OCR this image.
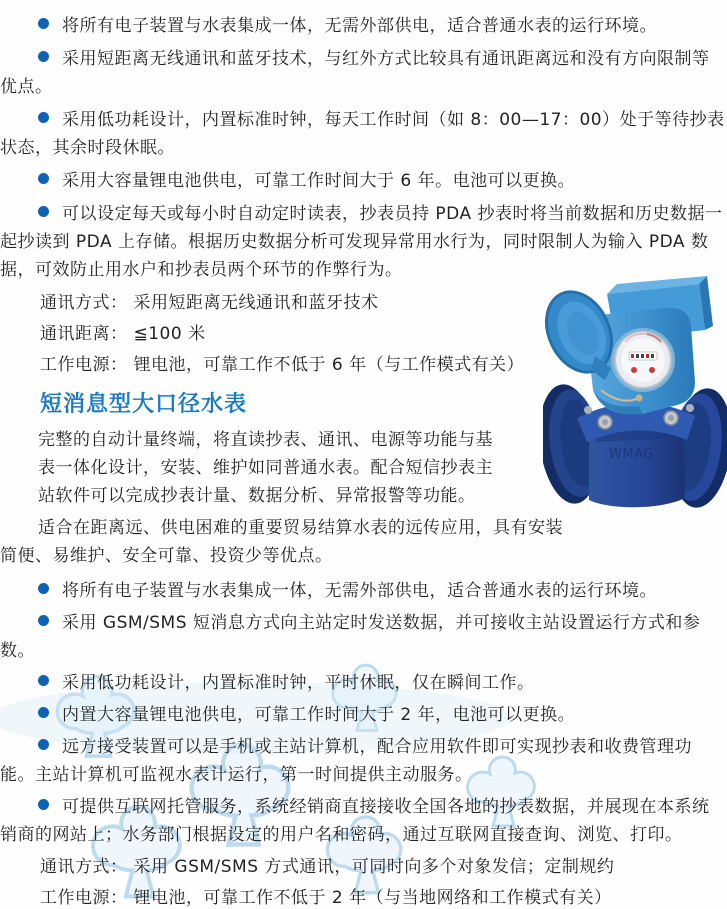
WMAG

将所有电子装置与水表集成一体，无需外部供电，适合普通水表的运行环境。

采用短距离无线通讯和蓝牙技术，与红外方式比较具有通讯距离远和没有方向限制等优点。

采用低功耗设计，内置标准时钟，每天工作时间（如 8：00—17：00）处于等待抄表状态，其余时段休眠。

采用大容量锂电池供电，可靠工作时间大于 6 年。电池可以更换。

可以设定每天或每小时自动定时读表，抄表员持 PDA 抄表时将当前数据和历史数据一起抄读到 PDA 上存储。根据历史数据分析可发现异常用水行为，同时限制人为输入 PDA 数据，可效防止用水户和抄表员两个环节的作弊行为。

通讯方式： 采用短距离无线通讯和蓝牙技术

通讯距离： ≦100 米

工作电源： 锂电池，可靠工作不低于 6 年（与工作模式有关）

短消息型大口径水表

完整的自动计量终端，将直读抄表、通讯、电源等功能与基表一体化设计，安装、维护如同普通水表。配合短信抄表主站软件可以完成抄表计量、数据分析、异常报警等功能。

适合在距离远、供电困难的重要贸易结算水表的远传应用，具有安装简便、易维护、安全可靠、投资少等优点。

将所有电子装置与水表集成一体，无需外部供电，适合普通水表的运行环境。

采用 GSM/SMS 短消息方式向主站定时发送数据，并可接收主站设置运行方式和参数。

采用低功耗设计，内置标准时钟，平时休眠，仅在瞬间工作。

内置大容量锂电池供电，可靠工作时间大于 2 年，电池可以更换。

远方接受装置可以是手机或主站计算机，配合应用软件即可实现抄表和收费管理功能。主站计算机可监视水表计运行，第一时间提供主动服务。

可提供互联网托管服务，系统经销商直接接收全国各地的抄表数据，并展现在本系统销商的网站上；水务部门根据设定的用户名和密码，通过互联网直接查询、浏览、打印。

通讯方式： 采用 GSM/SMS 方式通讯，可同时向多个对象发信；定制规约

工作电源： 锂电池，可靠工作不低于 2 年（与当地网络和工作模式有关）
